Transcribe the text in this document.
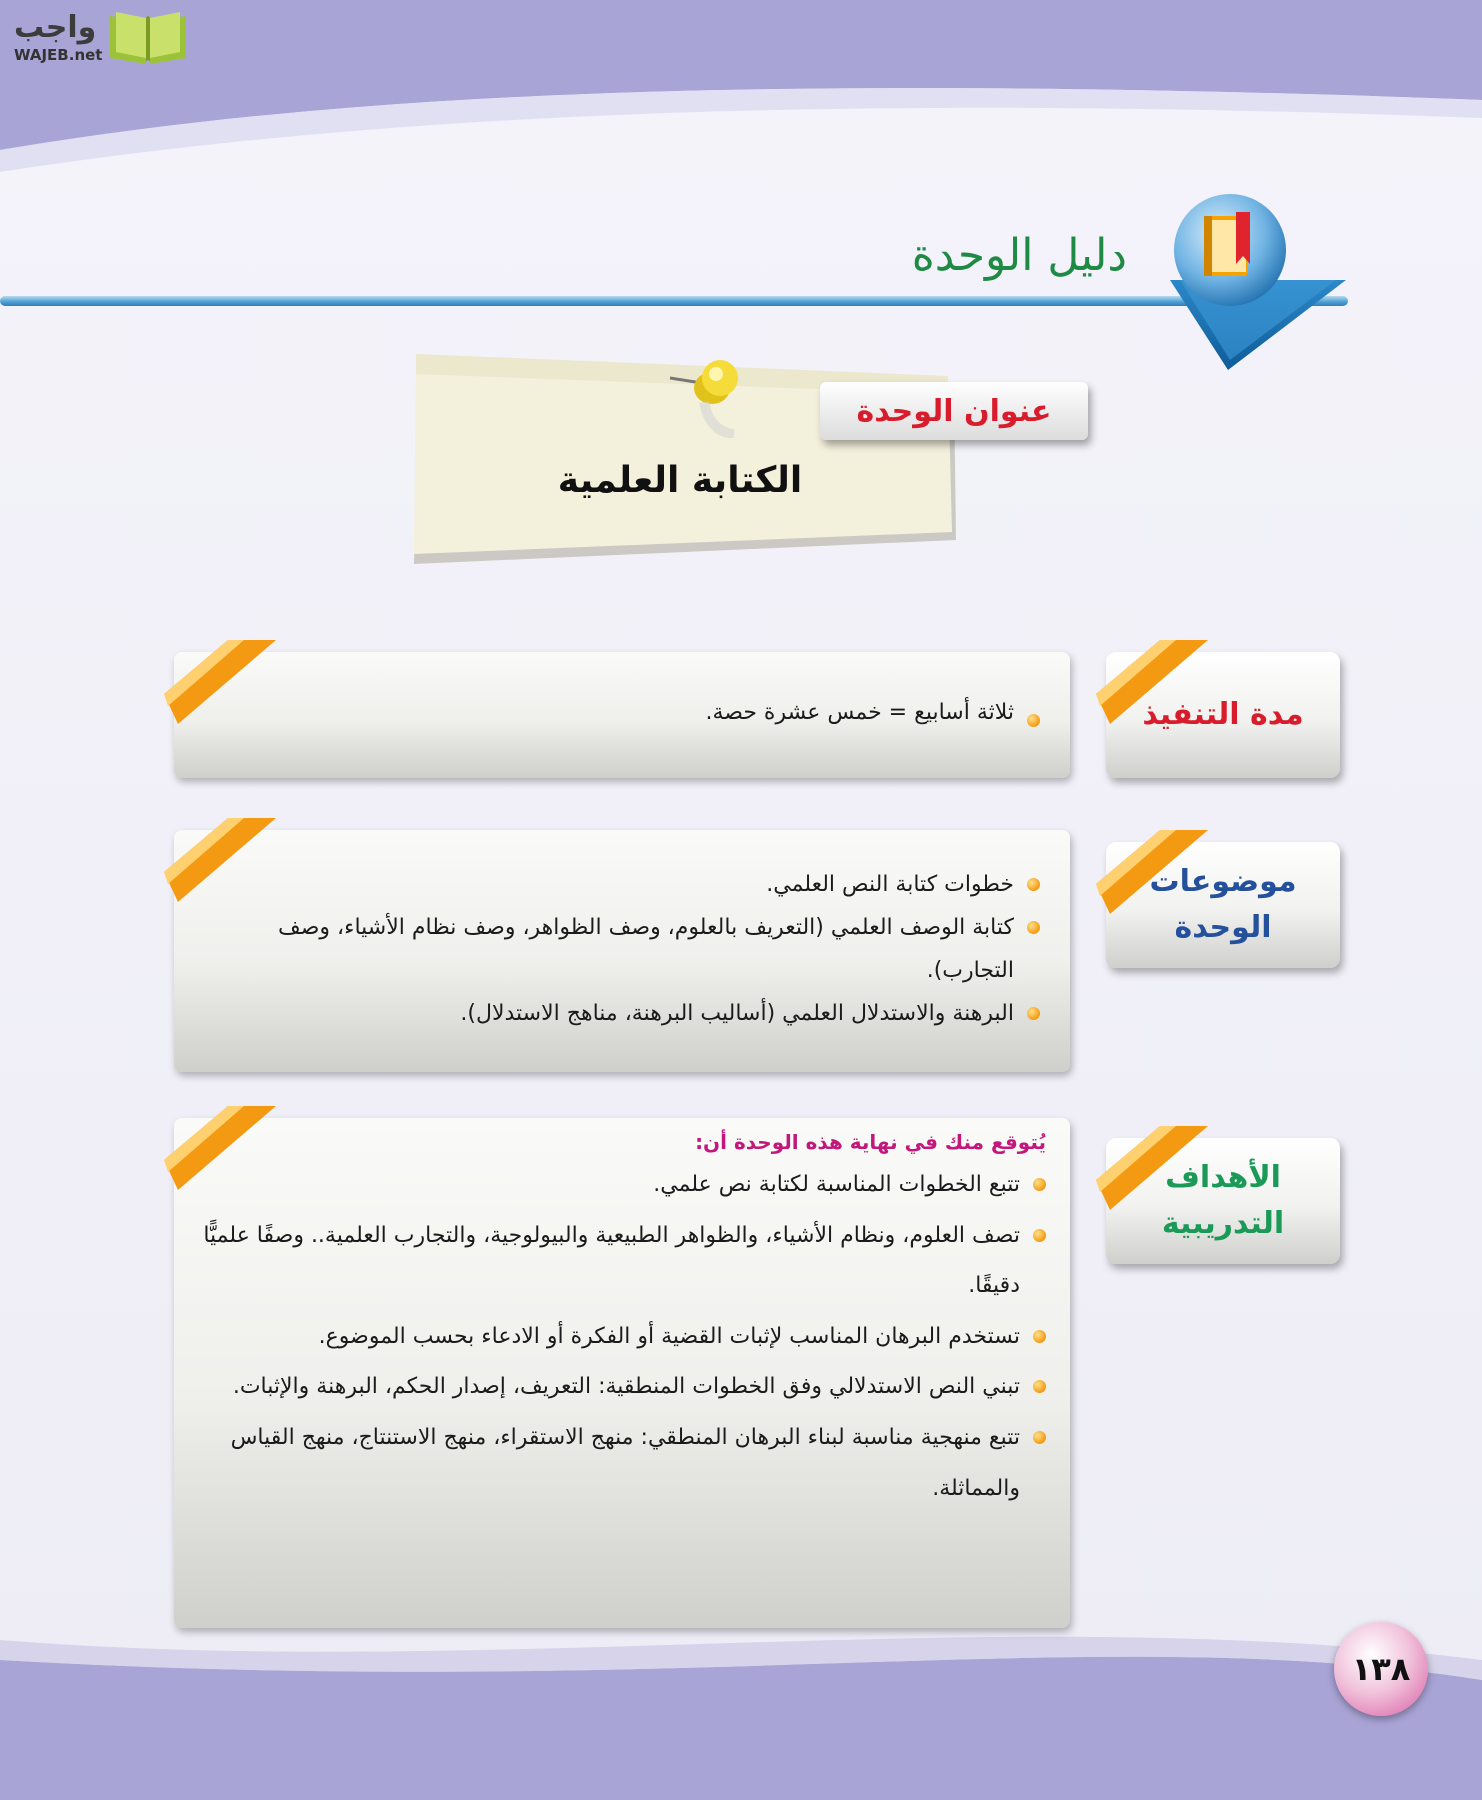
واجب
WAJEB.net
دليل الوحدة
عنوان الوحدة
الكتابة العلمية
مدة التنفيذ
ثلاثة أسابيع = خمس عشرة حصة.
موضوعات
الوحدة
خطوات كتابة النص العلمي.
كتابة الوصف العلمي (التعريف بالعلوم، وصف الظواهر، وصف نظام الأشياء، وصف التجارب).
البرهنة والاستدلال العلمي (أساليب البرهنة، مناهج الاستدلال).
الأهداف
التدريبية
يُتوقع منك في نهاية هذه الوحدة أن:
تتبع الخطوات المناسبة لكتابة نص علمي.
تصف العلوم، ونظام الأشياء، والظواهر الطبيعية والبيولوجية، والتجارب العلمية.. وصفًا علميًّا دقيقًا.
تستخدم البرهان المناسب لإثبات القضية أو الفكرة أو الادعاء بحسب الموضوع.
تبني النص الاستدلالي وفق الخطوات المنطقية: التعريف، إصدار الحكم، البرهنة والإثبات.
تتبع منهجية مناسبة لبناء البرهان المنطقي: منهج الاستقراء، منهج الاستنتاج، منهج القياس والمماثلة.
١٣٨
